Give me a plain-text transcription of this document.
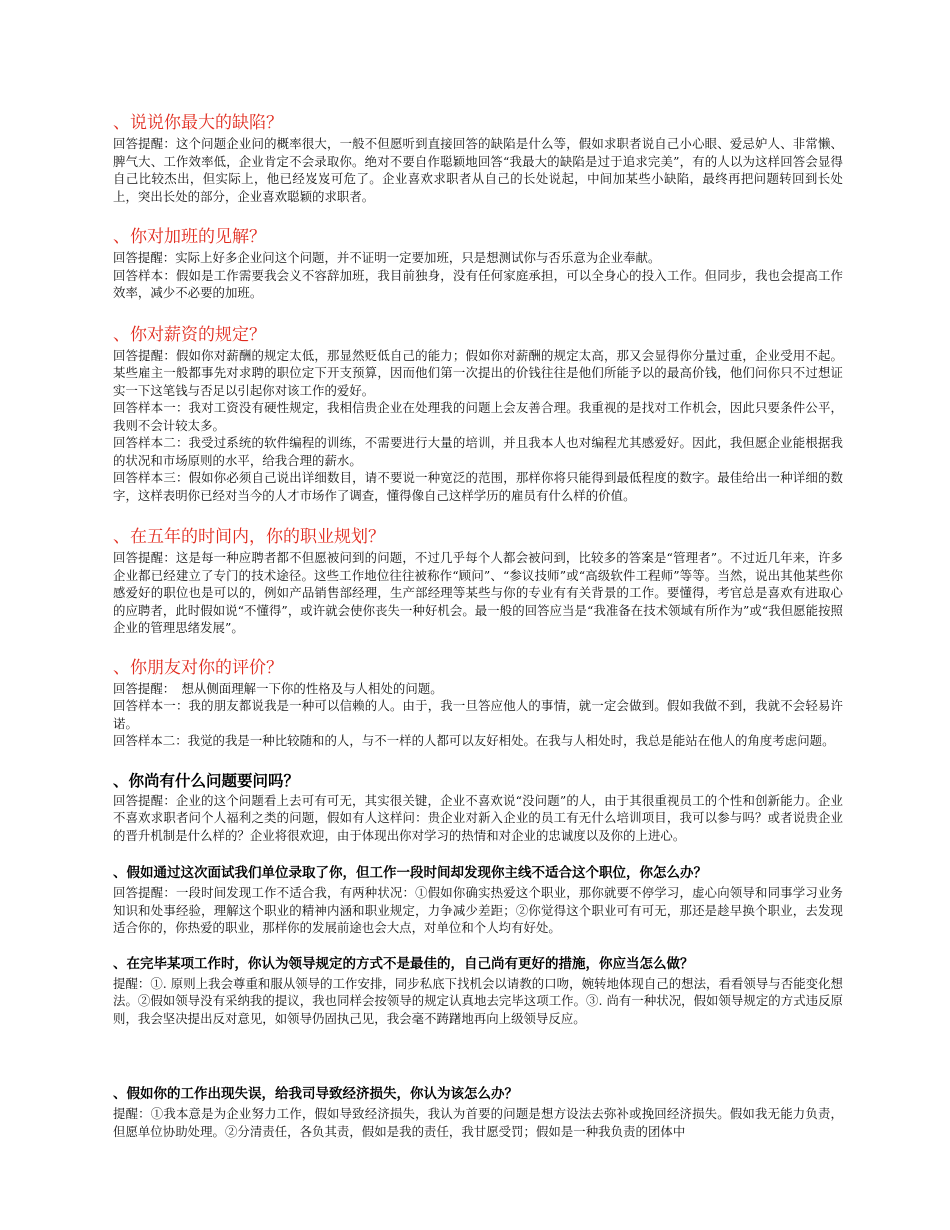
、说说你最大的缺陷？

回答提醒：这个问题企业问的概率很大，一般不但愿听到直接回答的缺陷是什么等，假如求职者说自己小心眼、爱忌妒人、非常懒、脾气大、工作效率低，企业肯定不会录取你。绝对不要自作聪颖地回答“我最大的缺陷是过于追求完美”，有的人以为这样回答会显得自己比较杰出，但实际上，他已经岌岌可危了。企业喜欢求职者从自己的长处说起，中间加某些小缺陷，最终再把问题转回到长处上，突出长处的部分，企业喜欢聪颖的求职者。

、你对加班的见解？

回答提醒：实际上好多企业问这个问题，并不证明一定要加班，只是想测试你与否乐意为企业奉献。

回答样本：假如是工作需要我会义不容辞加班，我目前独身，没有任何家庭承担，可以全身心的投入工作。但同步，我也会提高工作效率，减少不必要的加班。

、你对薪资的规定？

回答提醒：假如你对薪酬的规定太低，那显然贬低自己的能力；假如你对薪酬的规定太高，那又会显得你分量过重，企业受用不起。某些雇主一般都事先对求聘的职位定下开支预算，因而他们第一次提出的价钱往往是他们所能予以的最高价钱，他们问你只不过想证实一下这笔钱与否足以引起你对该工作的爱好。

回答样本一：我对工资没有硬性规定，我相信贵企业在处理我的问题上会友善合理。我重视的是找对工作机会，因此只要条件公平，我则不会计较太多。

回答样本二：我受过系统的软件编程的训练，不需要进行大量的培训，并且我本人也对编程尤其感爱好。因此，我但愿企业能根据我的状况和市场原则的水平，给我合理的薪水。

回答样本三：假如你必须自己说出详细数目，请不要说一种宽泛的范围，那样你将只能得到最低程度的数字。最佳给出一种详细的数字，这样表明你已经对当今的人才市场作了调查，懂得像自己这样学历的雇员有什么样的价值。

、在五年的时间内，你的职业规划？

回答提醒：这是每一种应聘者都不但愿被问到的问题，不过几乎每个人都会被问到，比较多的答案是“管理者”。不过近几年来，许多企业都已经建立了专门的技术途径。这些工作地位往往被称作“顾问”、“参议技师”或“高级软件工程师”等等。当然，说出其他某些你感爱好的职位也是可以的，例如产品销售部经理，生产部经理等某些与你的专业有有关背景的工作。要懂得，考官总是喜欢有进取心的应聘者，此时假如说“不懂得”，或许就会使你丧失一种好机会。最一般的回答应当是“我准备在技术领域有所作为”或“我但愿能按照企业的管理思绪发展”。

、你朋友对你的评价？

回答提醒：　想从侧面理解一下你的性格及与人相处的问题。

回答样本一：我的朋友都说我是一种可以信赖的人。由于，我一旦答应他人的事情，就一定会做到。假如我做不到，我就不会轻易许诺。

回答样本二：我觉的我是一种比较随和的人，与不一样的人都可以友好相处。在我与人相处时，我总是能站在他人的角度考虑问题。

、你尚有什么问题要问吗？

回答提醒：企业的这个问题看上去可有可无，其实很关键，企业不喜欢说“没问题”的人，由于其很重视员工的个性和创新能力。企业不喜欢求职者问个人福利之类的问题，假如有人这样问：贵企业对新入企业的员工有无什么培训项目，我可以参与吗？或者说贵企业的晋升机制是什么样的？企业将很欢迎，由于体现出你对学习的热情和对企业的忠诚度以及你的上进心。

、假如通过这次面试我们单位录取了你，但工作一段时间却发现你主线不适合这个职位，你怎么办？

回答提醒：一段时间发现工作不适合我，有两种状况：①假如你确实热爱这个职业，那你就要不停学习，虚心向领导和同事学习业务知识和处事经验，理解这个职业的精神内涵和职业规定，力争减少差距；②你觉得这个职业可有可无，那还是趁早换个职业，去发现适合你的，你热爱的职业，那样你的发展前途也会大点，对单位和个人均有好处。

、在完毕某项工作时，你认为领导规定的方式不是最佳的，自己尚有更好的措施，你应当怎么做？

提醒：①. 原则上我会尊重和服从领导的工作安排，同步私底下找机会以请教的口吻，婉转地体现自己的想法，看看领导与否能变化想法。②假如领导没有采纳我的提议，我也同样会按领导的规定认真地去完毕这项工作。③. 尚有一种状况，假如领导规定的方式违反原则，我会坚决提出反对意见，如领导仍固执己见，我会毫不踌躇地再向上级领导反应。

、假如你的工作出现失误，给我司导致经济损失，你认为该怎么办？

提醒：①我本意是为企业努力工作，假如导致经济损失，我认为首要的问题是想方设法去弥补或挽回经济损失。假如我无能力负责，但愿单位协助处理。②分清责任，各负其责，假如是我的责任，我甘愿受罚；假如是一种我负责的团体中
